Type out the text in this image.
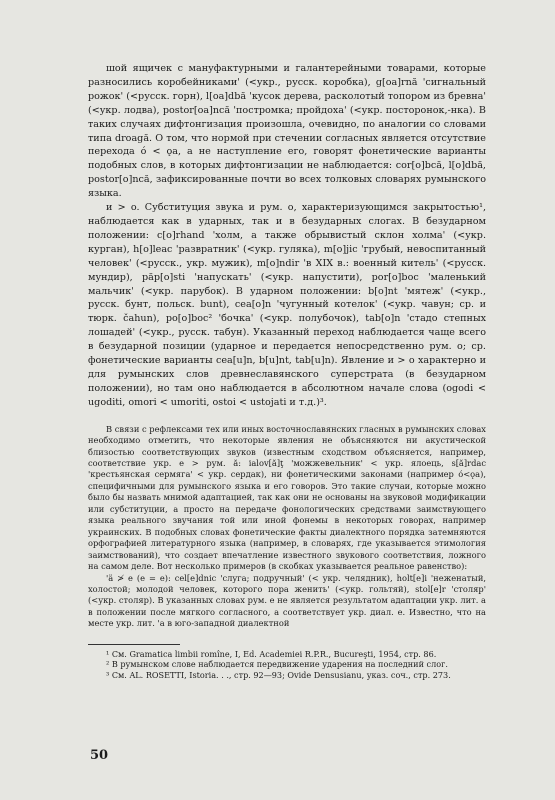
шой ящичек с мануфактурными и галантерейными товарами, которые разносились коробейниками' (<укр., русск. коробка), g[oa]rnă 'сигнальный рожок' (<русск. горн), l[oa]dbă 'кусок дерева, расколотый топором из бревна' (<укр. лодва), postor[oa]ncă 'постромка; пройдоха' (<укр. посторонок,-нка). В таких случаях дифтонгизация произошла, очевидно, по аналогии со словами типа droagă. О том, что нормой при стечении согласных является отсутствие перехода ó < ǫa, а не наступление его, говорят фонетические варианты подобных слов, в которых дифтонгизации не наблюдается: cor[o]bcă, l[o]dbă, postor[o]ncă, зафиксированные почти во всех толковых словарях румынского языка.

и > o. Субституция звука и рум. o, характеризующимся закрытостью¹, наблюдается как в ударных, так и в безударных слогах. В безударном положении: c[o]rhand 'холм, а также обрывистый склон холма' (<укр. курган), h[o]leac 'развратник' (<укр. гуляка), m[o]jic 'грубый, невоспитанный человек' (<русск., укр. мужик), m[o]ndir 'в XIX в.: военный китель' (<русск. мундир), păp[o]sti 'напускать' (<укр. напустити), por[o]boc 'маленький мальчик' (<укр. парубок). В ударном положении: b[o]nt 'мятеж' (<укр., русск. бунт, польск. bunt), cea[o]n 'чугунный котелок' (<укр. чавун; ср. и тюрк. čahun), po[o]boc² 'бочка' (<укр. полубочок), tab[o]n 'стадо степных лошадей' (<укр., русск. табун). Указанный переход наблюдается чаще всего в безударной позиции (ударное и передается непосредственно рум. о; ср. фонетические варианты cea[u]n, b[u]nt, tab[u]n). Явление и > о характерно и для румынских слов древнеславянского суперстрата (в безударном положении), но там оно наблюдается в абсолютном начале слова (ogodi < ugoditi, omori < umoriti, ostoi < ustojati и т.д.)³.

В связи с рефлексами тех или иных восточнославянских гласных в румынских словах необходимо отметить, что некоторые явления не объясняются ни акустической близостью соответствующих звуков (известным сходством объясняется, например, соответствие укр. е > рум. ă: ialov[ă]ţ 'можжевельник' < укр. ялоець, s[ă]rdac 'крестьянская сермяга' < укр. сердак), ни фонетическими законами (например ó<ǫa), специфичными для румынского языка и его говоров. Это такие случаи, которые можно было бы назвать мнимой адаптацией, так как они не основаны на звуковой модификации или субституции, а просто на передаче фонологических средствами заимствующего языка реального звучания той или иной фонемы в некоторых говорах, например украинских. В подобных словах фонетические факты диалектного порядка затемняются орфографией литературного языка (например, в словарях, где указывается этимология заимствований), что создает впечатление известного звукового соответствия, ложного на самом деле. Вот несколько примеров (в скобках указывается реальное равенство):

'ä ≯ e (e = e): cel[e]dnic 'слуга; подручный' (< укр. челядник), holt[e]i 'неженатый, холостой; молодой человек, которого пора женить' (<укр. гольтяй), stol[e]r 'столяр' (<укр. столяр). В указанных словах рум. е не является результатом адаптации укр. лит. а в положении после мягкого согласного, а соответствует укр. диал. е. Известно, что на месте укр. лит. 'а в юго-западной диалектной

¹ См. Gramatica limbii romîne, I, Ed. Academiei R.P.R., Bucureşti, 1954, стр. 86.

² В румынском слове наблюдается передвижение ударения на последний слог.

³ См. AL. ROSETTI, Istoria. . ., стр. 92—93; Ovide Densusianu, указ. соч., стр. 273.

50
